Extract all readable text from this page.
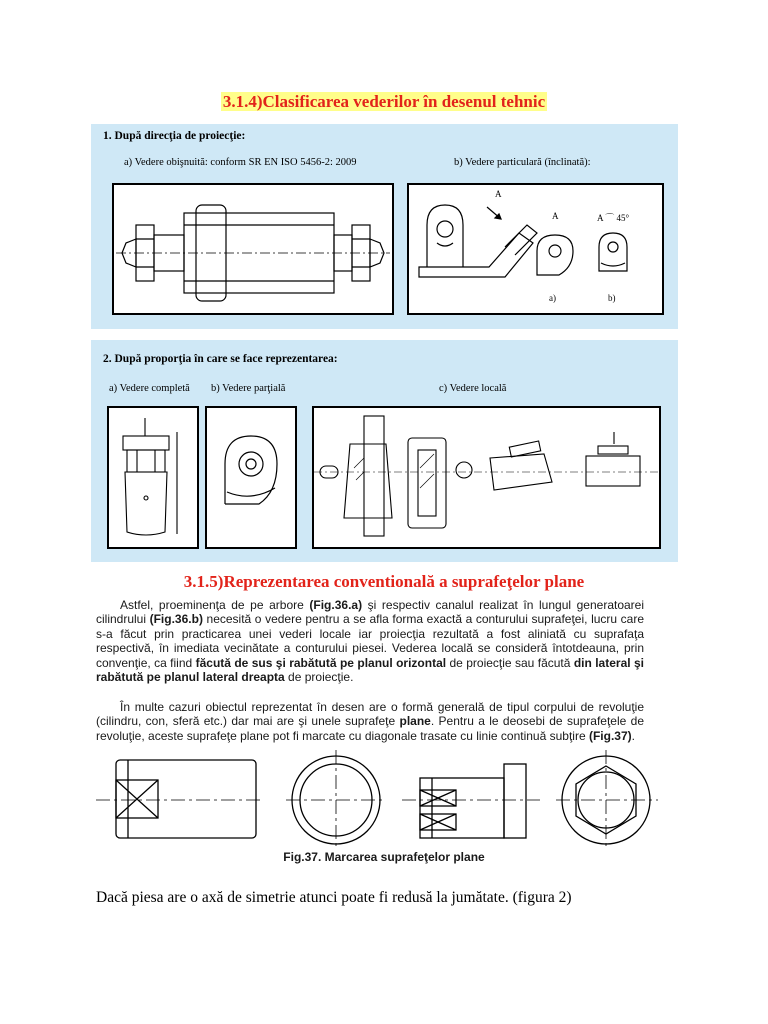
3.1.4)Clasificarea vederilor în desenul tehnic
1. După direcţia de proiecţie:
a) Vedere obişnuită: conform SR EN ISO 5456-2: 2009	b) Vedere particulară (înclinată):
A
A	A ⌒ 45°
a)	b)
2. După proporţia în care se face reprezentarea:
a) Vedere completă b) Vedere parţială	c) Vedere locală
3.1.5)Reprezentarea conventională a suprafeţelor plane
Astfel, proeminenţa de pe arbore (Fig.36.a) şi respectiv canalul realizat în lungul generatoarei cilindrului (Fig.36.b) necesită o vedere pentru a se afla forma exactă a conturului suprafeţei, lucru care s-a făcut prin practicarea unei vederi locale iar proiecţia rezultată a fost aliniată cu suprafaţa respectivă, în imediata vecinătate a conturului piesei. Vederea locală se consideră întotdeauna, prin convenţie, ca fiind făcută de sus şi rabătută pe planul orizontal de proiecţie sau făcută din lateral şi rabătută pe planul lateral dreapta de proiecţie.
În multe cazuri obiectul reprezentat în desen are o formă generală de tipul corpului de revoluţie (cilindru, con, sferă etc.) dar mai are şi unele suprafeţe plane. Pentru a le deosebi de suprafeţele de revoluţie, aceste suprafeţe plane pot fi marcate cu diagonale trasate cu linie continuă subţire (Fig.37).
Fig.37. Marcarea suprafeţelor plane
Dacă piesa are o axă de simetrie atunci poate fi redusă la jumătate. (figura 2)
